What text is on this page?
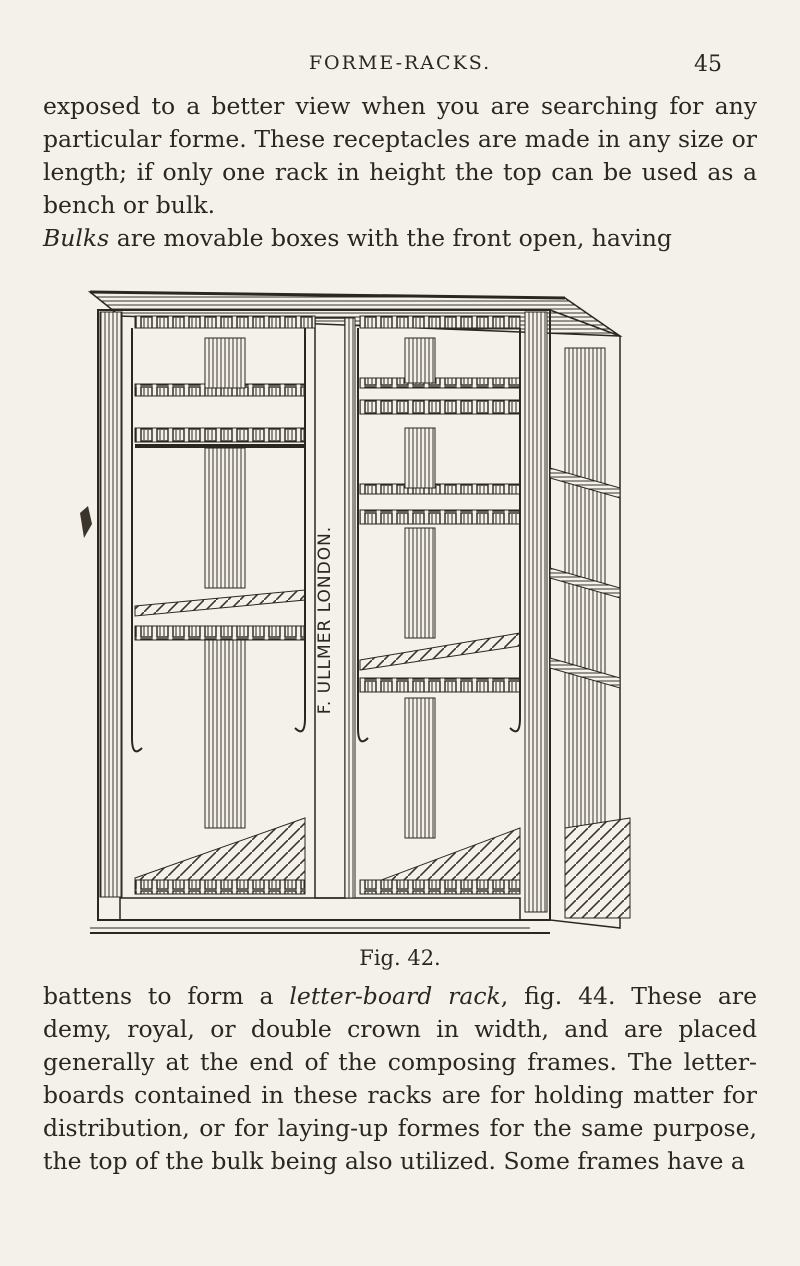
FORME-RACKS.	45

exposed to a better view when you are searching for any particular forme. These receptacles are made in any size or length; if only one rack in height the top can be used as a bench or bulk.

Bulks are movable boxes with the front open, having

F. ULLMER LONDON.
Fig. 42.

battens to form a letter-board rack, fig. 44. These are demy, royal, or double crown in width, and are placed generally at the end of the composing frames. The letter-boards contained in these racks are for holding matter for distribution, or for laying-up formes for the same purpose, the top of the bulk being also utilized. Some frames have a
